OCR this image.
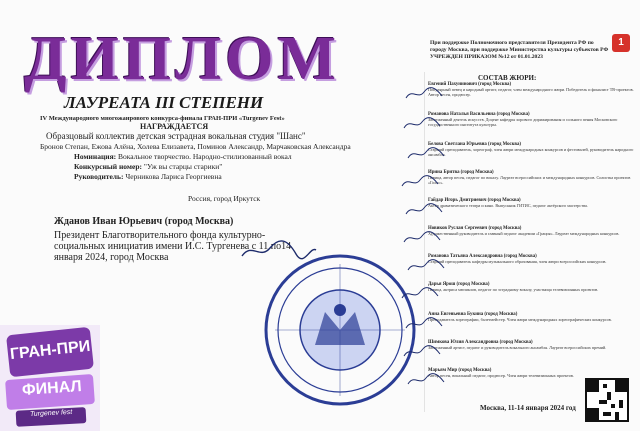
ДИПЛОМ	1
ЛАУРЕАТА III СТЕПЕНИ
IV Международного многожанрового конкурса-финала ГРАН-ПРИ «Turgenev Fest»
НАГРАЖДАЕТСЯ
Образцовый коллектив детская эстрадная вокальная студия "Шанс"
Бронов Степан, Ежова Алёна, Холева Елизавета, Поминов Александр, Марчаковская Александра
Номинация: Вокальное творчество. Народно-стилизованный вокал
Конкурсный номер: "Уж вы старцы старики"
Руководитель: Черникова Лариса Георгиевна
Россия, город Иркутск
Жданов Иван Юрьевич (город Москва)
Президент Благотворительного фонда культурно-социальных инициатив имени И.С. Тургенева с 11 по14 января 2024, город Москва
ГРАН-ПРИ
ФИНАЛ
Turgenev fest
При поддержке Полномочного представителя Президента РФ по городу Москва, при поддержке Министерства культуры субъектов РФ УЧРЕЖДЕН ПРИКАЗОМ №12 от 01.01.2023
СОСТАВ ЖЮРИ:
Евгений Пахунинович (город Москва)
Популярный певец и народный артист, педагог, член международного жюри. Победитель и финалист ТВ-проектов. Автор песен, продюсер.
Романова Наталья Васильевна (город Москва)
Заслуженный деятель искусств. Доцент кафедры хорового дирижирования и сольного пения Московского государственного института культуры.
Белова Светлана Юрьевна (город Москва)
Старший преподаватель, хореограф, член жюри международных конкурсов и фестивалей, руководитель народного ансамбля.
Ирина Бритва (город Москва)
Певица, автор песен, педагог по вокалу. Лауреат всероссийских и международных конкурсов. Солистка проектов «Голос».
Гайдар Игорь Дмитриевич (город Москва)
Актёр драматического театра и кино. Выпускник ГИТИС, педагог актёрского мастерства.
Новиков Руслан Сергеевич (город Москва)
Художественный руководитель и главный педагог академии «Грация». Лауреат международных конкурсов.
Романова Татьяна Александровна (город Москва)
Старший преподаватель кафедры музыкального образования, член жюри всероссийских конкурсов.
Дарья Ярош (город Москва)
Певица, актриса мюзиклов, педагог по эстрадному вокалу, участница телевизионных проектов.
Анна Евгеньевна Букина (город Москва)
Преподаватель хореографии, балетмейстер. Член жюри международных хореографических конкурсов.
Шимкова Юлия Александровна (город Москва)
Заслуженный артист, педагог и руководитель вокального ансамбля. Лауреат всероссийских премий.
Марьям Мир (город Москва)
Автор песен, вокальный педагог, продюсер. Член жюри телевизионных проектов.
Москва, 11-14 января 2024 год
